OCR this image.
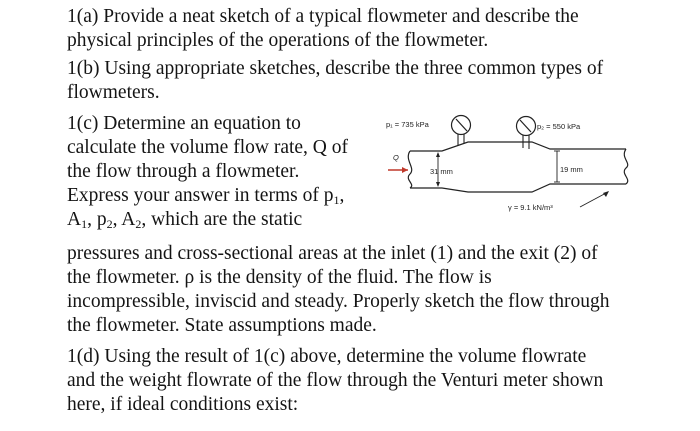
1(a) Provide a neat sketch of a typical flowmeter and describe the
physical principles of the operations of the flowmeter.
1(b) Using appropriate sketches, describe the three common types of
flowmeters.
1(c) Determine an equation to
calculate the volume flow rate, Q of
the flow through a flowmeter.
Express your answer in terms of $p_1$,
$A_1$, $p_2$, $A_2$, which are the static
pressures and cross-sectional areas at the inlet (1) and the exit (2) of
the flowmeter. ρ is the density of the fluid. The flow is
incompressible, inviscid and steady. Properly sketch the flow through
the flowmeter. State assumptions made.
1(d) Using the result of 1(c) above, determine the volume flowrate
and the weight flowrate of the flow through the Venturi meter shown
here, if ideal conditions exist:
p₁ = 735 kPa	p₂ = 550 kPa
Q
31 mm	19 mm
γ = 9.1 kN/m³
